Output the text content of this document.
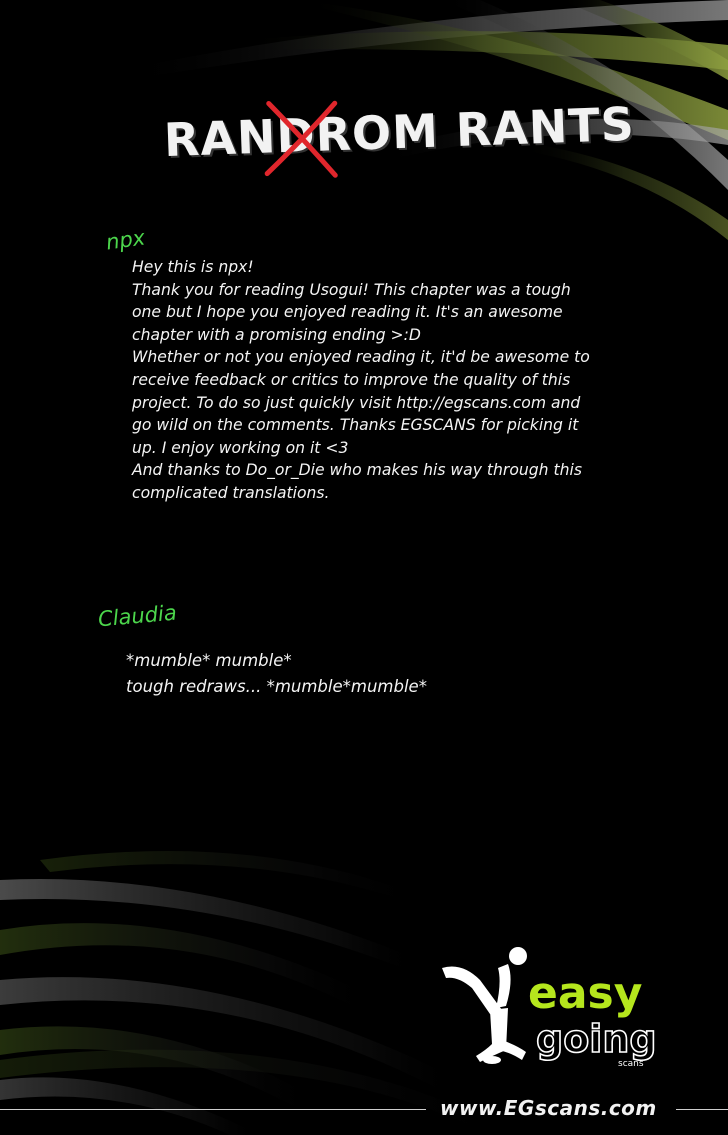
RANDROM RANTS
npx
Hey this is npx!
Thank you for reading Usogui! This chapter was a tough
one but I hope you enjoyed reading it. It's an awesome
chapter with a promising ending >:D
Whether or not you enjoyed reading it, it'd be awesome to
receive feedback or critics to improve the quality of this
project. To do so just quickly visit http://egscans.com and
go wild on the comments. Thanks EGSCANS for picking it
up. I enjoy working on it <3
And thanks to Do_or_Die who makes his way through this
complicated translations.
Claudia
*mumble* mumble*
tough redraws... *mumble*mumble*
easy
going
scans
www.EGscans.com
